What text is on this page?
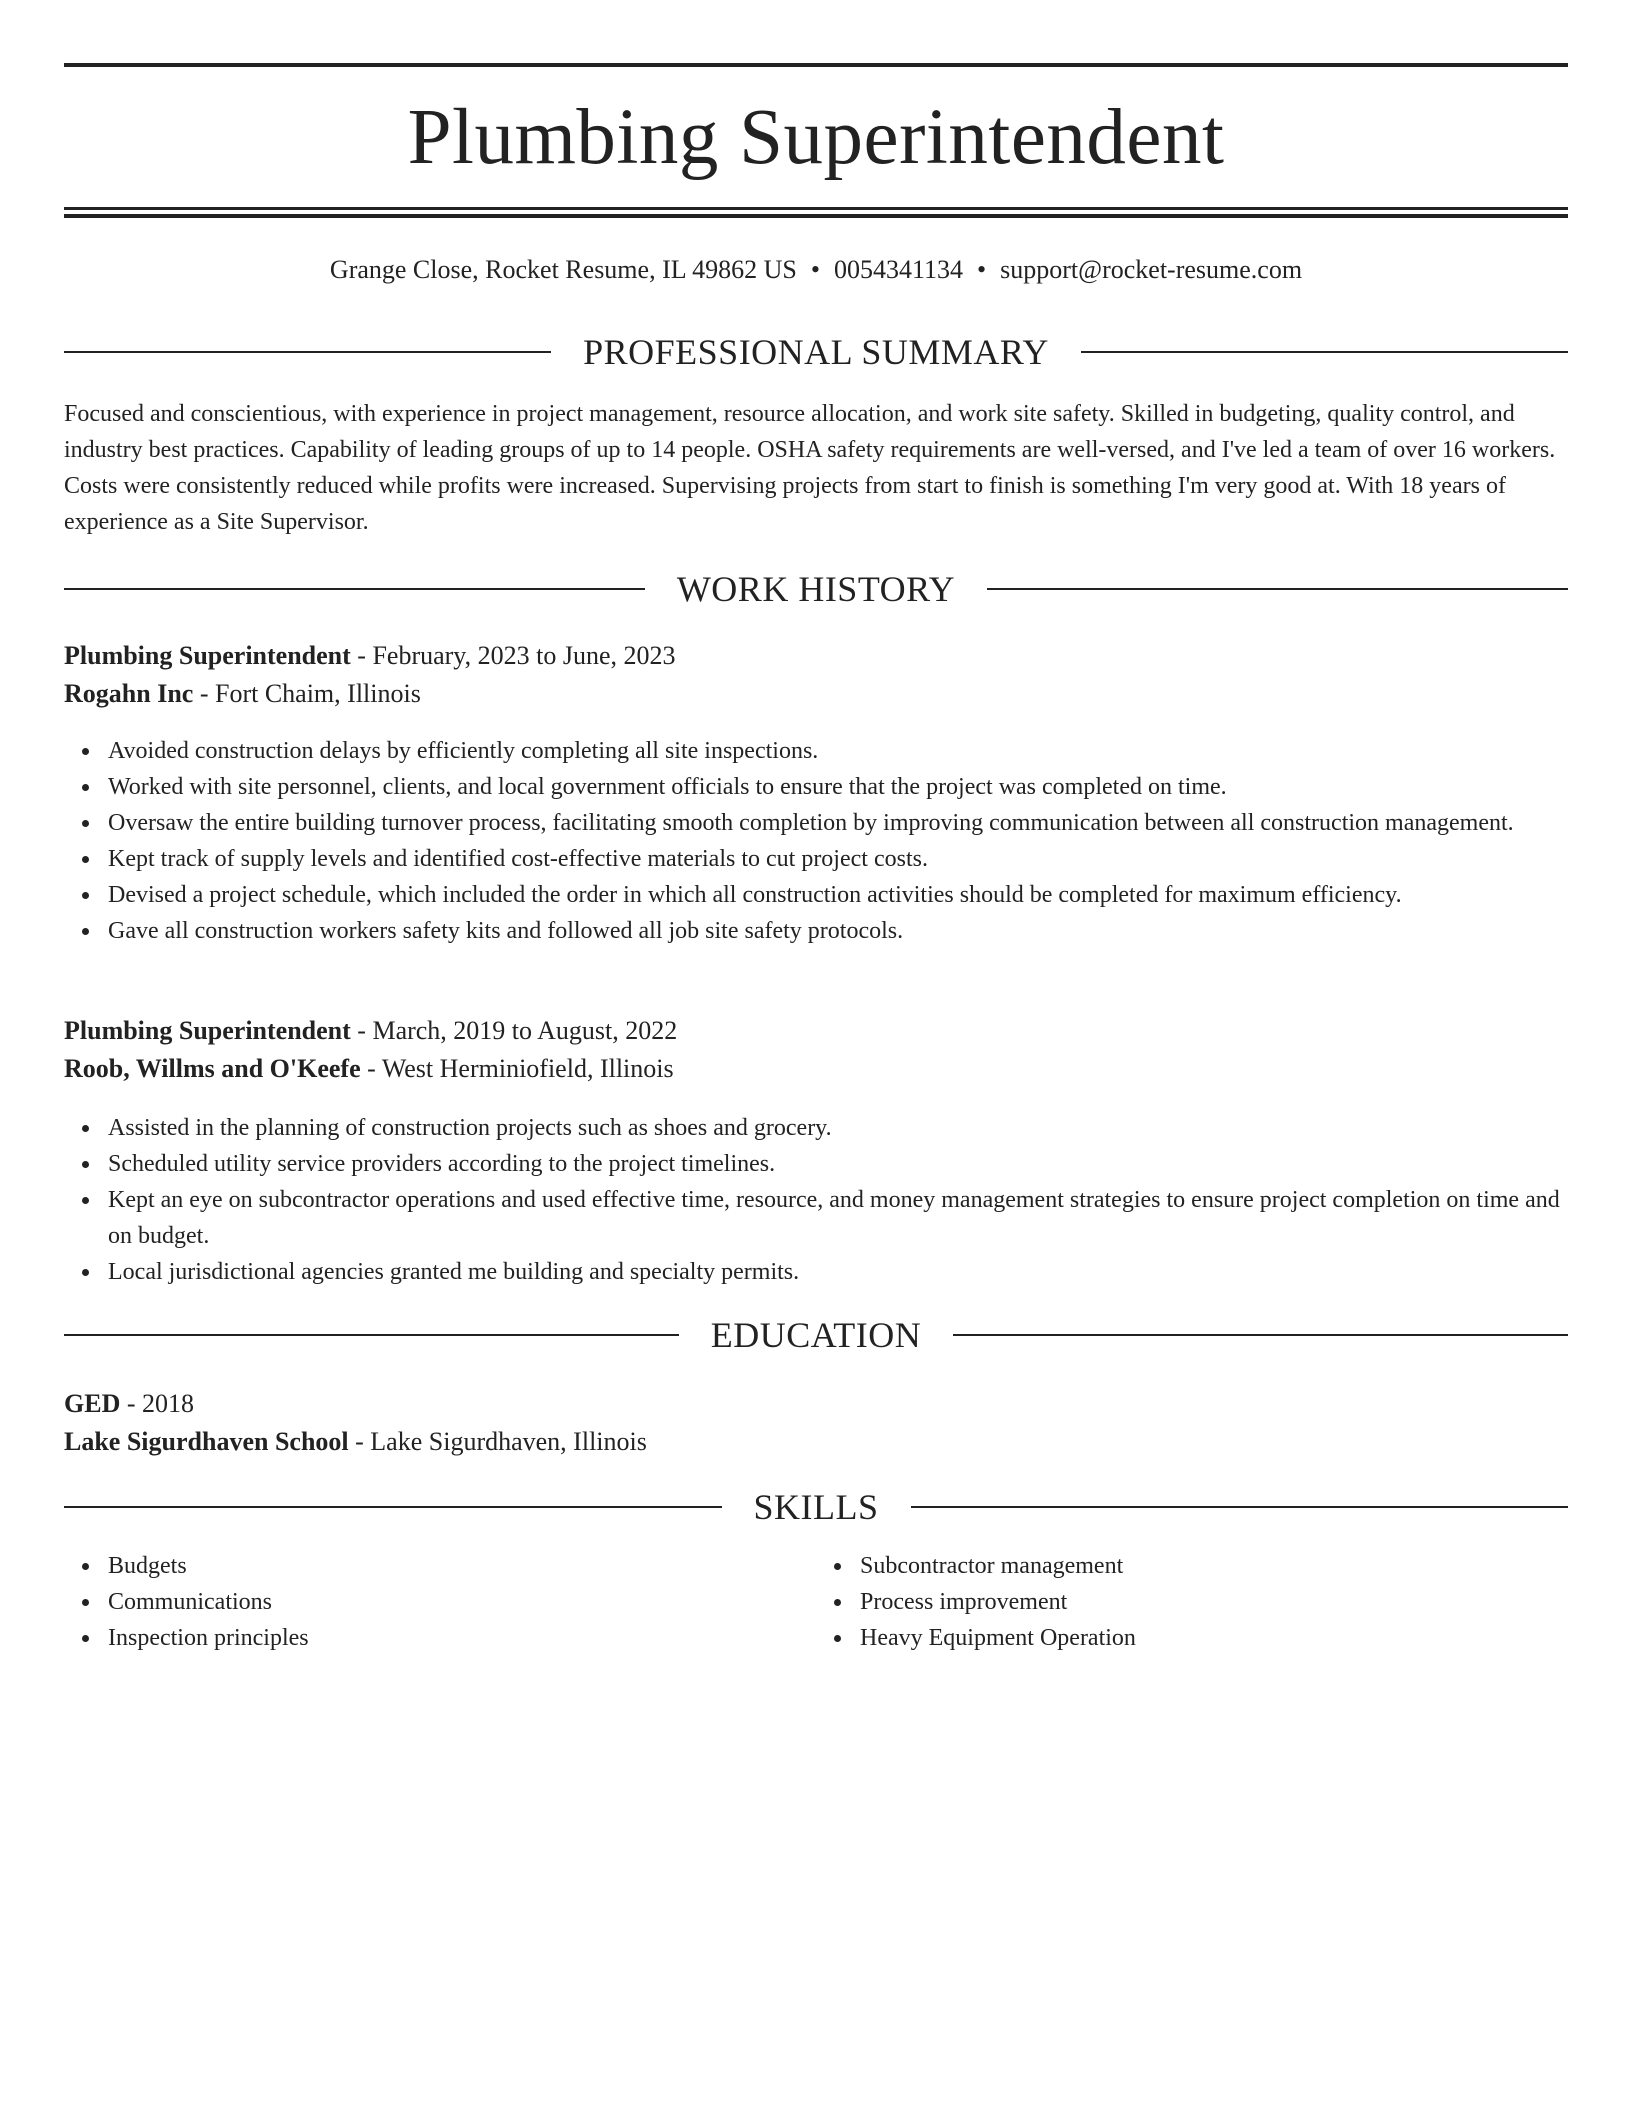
Plumbing Superintendent
Grange Close, Rocket Resume, IL 49862 US • 0054341134 • support@rocket-resume.com
PROFESSIONAL SUMMARY

Focused and conscientious, with experience in project management, resource allocation, and work site safety. Skilled in budgeting, quality control, and industry best practices. Capability of leading groups of up to 14 people. OSHA safety requirements are well-versed, and I've led a team of over 16 workers. Costs were consistently reduced while profits were increased. Supervising projects from start to finish is something I'm very good at. With 18 years of experience as a Site Supervisor.

WORK HISTORY

Plumbing Superintendent - February, 2023 to June, 2023

Rogahn Inc - Fort Chaim, Illinois

Avoided construction delays by efficiently completing all site inspections.
Worked with site personnel, clients, and local government officials to ensure that the project was completed on time.
Oversaw the entire building turnover process, facilitating smooth completion by improving communication between all construction management.
Kept track of supply levels and identified cost-effective materials to cut project costs.
Devised a project schedule, which included the order in which all construction activities should be completed for maximum efficiency.
Gave all construction workers safety kits and followed all job site safety protocols.

Plumbing Superintendent - March, 2019 to August, 2022

Roob, Willms and O'Keefe - West Herminiofield, Illinois

Assisted in the planning of construction projects such as shoes and grocery.
Scheduled utility service providers according to the project timelines.
Kept an eye on subcontractor operations and used effective time, resource, and money management strategies to ensure project completion on time and on budget.
Local jurisdictional agencies granted me building and specialty permits.
EDUCATION

GED - 2018

Lake Sigurdhaven School - Lake Sigurdhaven, Illinois

SKILLS
Budgets
Communications
Inspection principles
Subcontractor management
Process improvement
Heavy Equipment Operation
